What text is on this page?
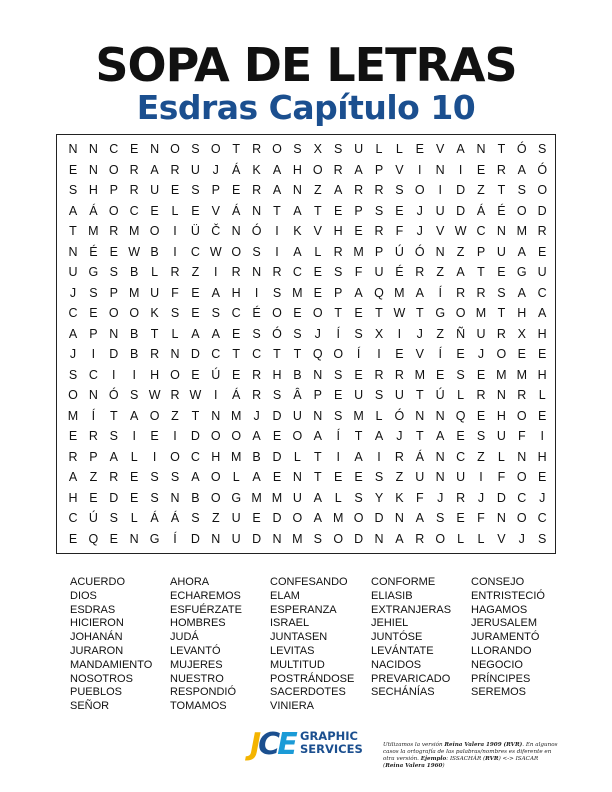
SOPA DE LETRAS
Esdras Capítulo 10
N N C E N O S O T R O S X S U L	L	E V A N T Ó S
E N O R A R U	J	Á K A H O R A P V	I	N	I	E R A Ó
S H P R U E S P E R A N Z A R R S O	I	D Z	T S O
A Á O C E	L	E V Á N T A T E P S E	J	U D Á É O D
T M R M O	I	Ü Č N Ó	I	K V H E R F	J	V W C N M R
N É E W B	I	C W O S	I	A	L R M P Ú Ó N Z P U A E
U G S B	L R Z	I	R N R C E S F U É R Z A T E G U
J	S P M U F E A H	I	S M E P A Q M A	Í	R R S A C
C E O O K S E S C É O E O T E T W T G O M T H A
A P N B T	L	A A E S Ó S	J	Í	S X	I	J	Z Ñ U R X H
J	I	D B R N D C T C T	T Q O	Í	I	E V	Í	E	J O E E
S C	I	I	H O E Ú E R H B N S E R R M E S E M M H
O N Ó S W R W	I	Á R S Â P E U S U T Ú L R N R L
M	Í	T A O Z	T N M J	D U N S M L Ó N N Q E H O E
E R S	I	E	I	D O O A E O A	Í	T A	J	T A E S U F	I
R P A	L	I	O C H M B D L	T	I	A	I	R Á N C Z	L N H
A Z R E S S A O L	A E N T E E S Z U N U	I	F O E
H E D E S N B O G M M U A	L	S Y K F	J	R	J	D C	J
C Ú S	L	Á Á S Z U E D O A M O D N A S E F N O C
E Q E N G	Í	D N U D N M S O D N A R O L	L	V	J	S
ACUERDO
DIOS
ESDRAS
HICIERON
JOHANÁN
JURARON
MANDAMIENTO
NOSOTROS
PUEBLOS
SEÑOR
AHORA
ECHAREMOS
ESFUÉRZATE
HOMBRES
JUDÁ
LEVANTÓ
MUJERES
NUESTRO
RESPONDIÓ
TOMAMOS
CONFESANDO
ELAM
ESPERANZA
ISRAEL
JUNTASEN
LEVITAS
MULTITUD
POSTRÁNDOSE
SACERDOTES
VINIERA
CONFORME
ELIASIB
EXTRANJERAS
JEHIEL
JUNTÓSE
LEVÁNTATE
NACIDOS
PREVARICADO
SECHÁNÍAS
CONSEJO
ENTRISTECIÓ
HAGAMOS
JERUSALEM
JURAMENTÓ
LLORANDO
NEGOCIO
PRÍNCIPES
SEREMOS
JCE GRAPHIC
SERVICES	Utilizamos la versión Reina Valera 1909 (RVR). En algunos casos la ortografía de las palabras/nombres es diferente en otra versión. Ejemplo: ISSACHÁR (RVR) <-> ISACAR (Reina Valera 1960)
